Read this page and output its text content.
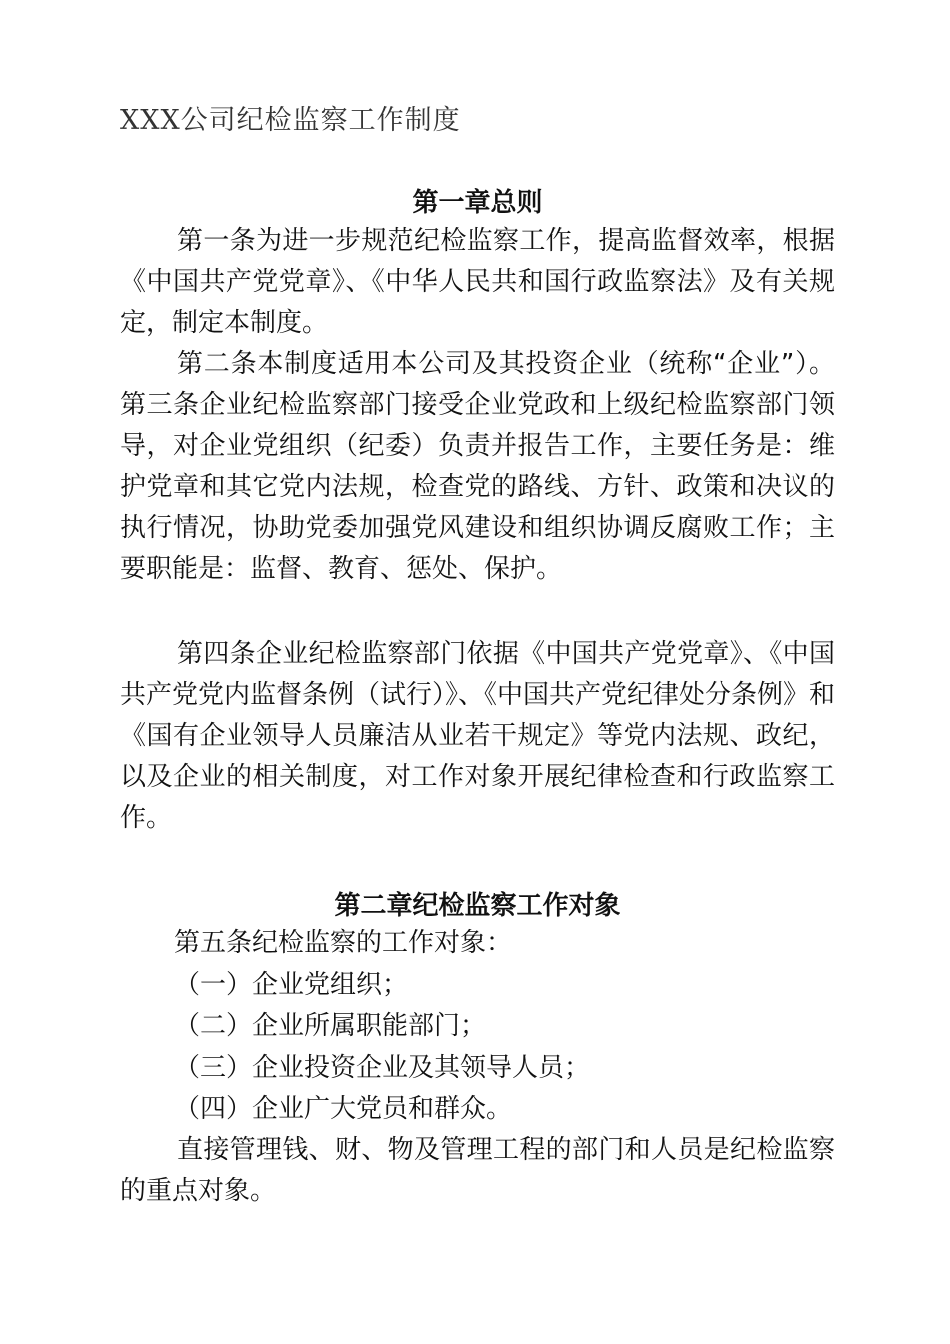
XXX公司纪检监察工作制度
第一章总则

第一条为进一步规范纪检监察工作，提高监督效率，根据《中国共产党党章》、《中华人民共和国行政监察法》及有关规定，制定本制度。

第二条本制度适用本公司及其投资企业（统称“企业”）。第三条企业纪检监察部门接受企业党政和上级纪检监察部门领导，对企业党组织（纪委）负责并报告工作，主要任务是：维护党章和其它党内法规，检查党的路线、方针、政策和决议的执行情况，协助党委加强党风建设和组织协调反腐败工作；主要职能是：监督、教育、惩处、保护。

第四条企业纪检监察部门依据《中国共产党党章》、《中国共产党党内监督条例（试行）》、《中国共产党纪律处分条例》和《国有企业领导人员廉洁从业若干规定》等党内法规、政纪，以及企业的相关制度，对工作对象开展纪律检查和行政监察工作。

第二章纪检监察工作对象

第五条纪检监察的工作对象：

（一）企业党组织；

（二）企业所属职能部门；

（三）企业投资企业及其领导人员；

（四）企业广大党员和群众。

直接管理钱、财、物及管理工程的部门和人员是纪检监察的重点对象。
